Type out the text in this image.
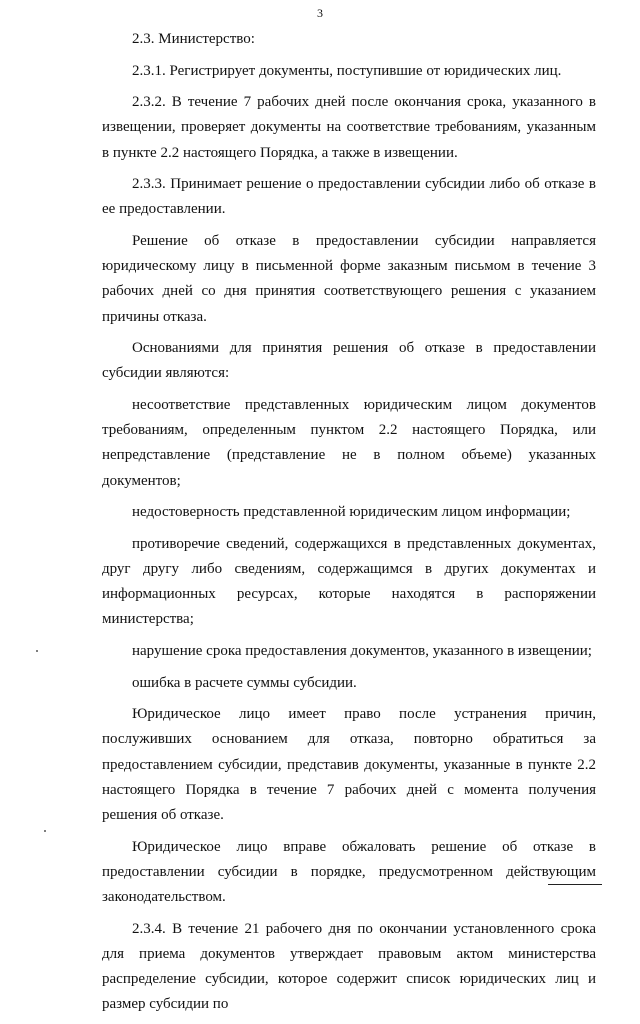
3

2.3. Министерство:

2.3.1. Регистрирует документы, поступившие от юридических лиц.

2.3.2. В течение 7 рабочих дней после окончания срока, указанного в извещении, проверяет документы на соответствие требованиям, указанным в пункте 2.2 настоящего Порядка, а также в извещении.

2.3.3. Принимает решение о предоставлении субсидии либо об отказе в ее предоставлении.

Решение об отказе в предоставлении субсидии направляется юридическому лицу в письменной форме заказным письмом в течение 3 рабочих дней со дня принятия соответствующего решения с указанием причины отказа.

Основаниями для принятия решения об отказе в предоставлении субсидии являются:

несоответствие представленных юридическим лицом документов требованиям, определенным пунктом 2.2 настоящего Порядка, или непредставление (представление не в полном объеме) указанных документов;

недостоверность представленной юридическим лицом информации;

противоречие сведений, содержащихся в представленных документах, друг другу либо сведениям, содержащимся в других документах и информационных ресурсах, которые находятся в распоряжении министерства;

нарушение срока предоставления документов, указанного в извещении;

ошибка в расчете суммы субсидии.

Юридическое лицо имеет право после устранения причин, послуживших основанием для отказа, повторно обратиться за предоставлением субсидии, представив документы, указанные в пункте 2.2 настоящего Порядка в течение 7 рабочих дней с момента получения решения об отказе.

Юридическое лицо вправе обжаловать решение об отказе в предоставлении субсидии в порядке, предусмотренном действующим законодательством.

2.3.4. В течение 21 рабочего дня по окончании установленного срока для приема документов утверждает правовым актом министерства распределение субсидии, которое содержит список юридических лиц и размер субсидии по
